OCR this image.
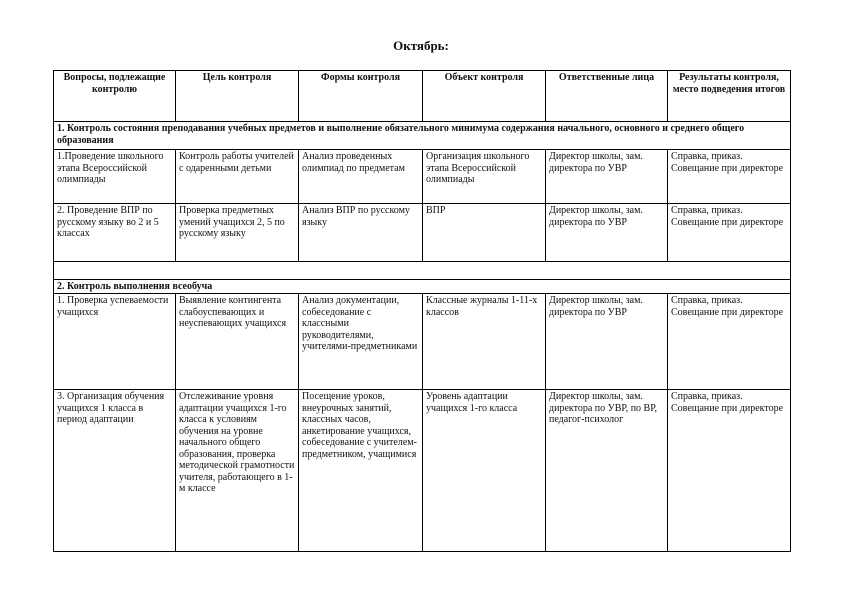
Октябрь:
Вопросы, подлежащие контролю	Цель контроля	Формы контроля	Объект контроля	Ответственные лица	Результаты контроля, место подведения итогов
1. Контроль состояния преподавания учебных предметов и выполнение обязательного минимума содержания начального, основного и среднего общего образования					
1.Проведение школьного этапа Всероссийской олимпиады	Контроль работы учителей с одаренными детьми	Анализ проведенных олимпиад по предметам	Организация школьного этапа Всероссийской олимпиады	Директор школы, зам. директора по УВР	Справка, приказ. Совещание при директоре
2. Проведение ВПР по русскому языку во 2 и 5 классах	Проверка предметных умений учащихся 2, 5 по русскому языку	Анализ ВПР по русскому языку	ВПР	Директор школы, зам. директора по УВР	Справка, приказ. Совещание при директоре

2. Контроль выполнения всеобуча					
1. Проверка успеваемости учащихся	Выявление контингента слабоуспевающих и неуспевающих учащихся	Анализ документации, собеседование с классными руководителями, учителями-предметниками	Классные журналы 1-11-х классов	Директор школы, зам. директора по УВР	Справка, приказ. Совещание при директоре
3. Организация обучения учащихся 1 класса в период адаптации	Отслеживание уровня адаптации учащихся 1-го класса к условиям обучения на уровне начального общего образования, проверка методической грамотности учителя, работающего в 1-м классе	Посещение уроков, внеурочных занятий, классных часов, анкетирование учащихся, собеседование с учителем-предметником, учащимися	Уровень адаптации учащихся 1-го класса	Директор школы, зам. директора по УВР, по ВР, педагог-психолог	Справка, приказ. Совещание при директоре
